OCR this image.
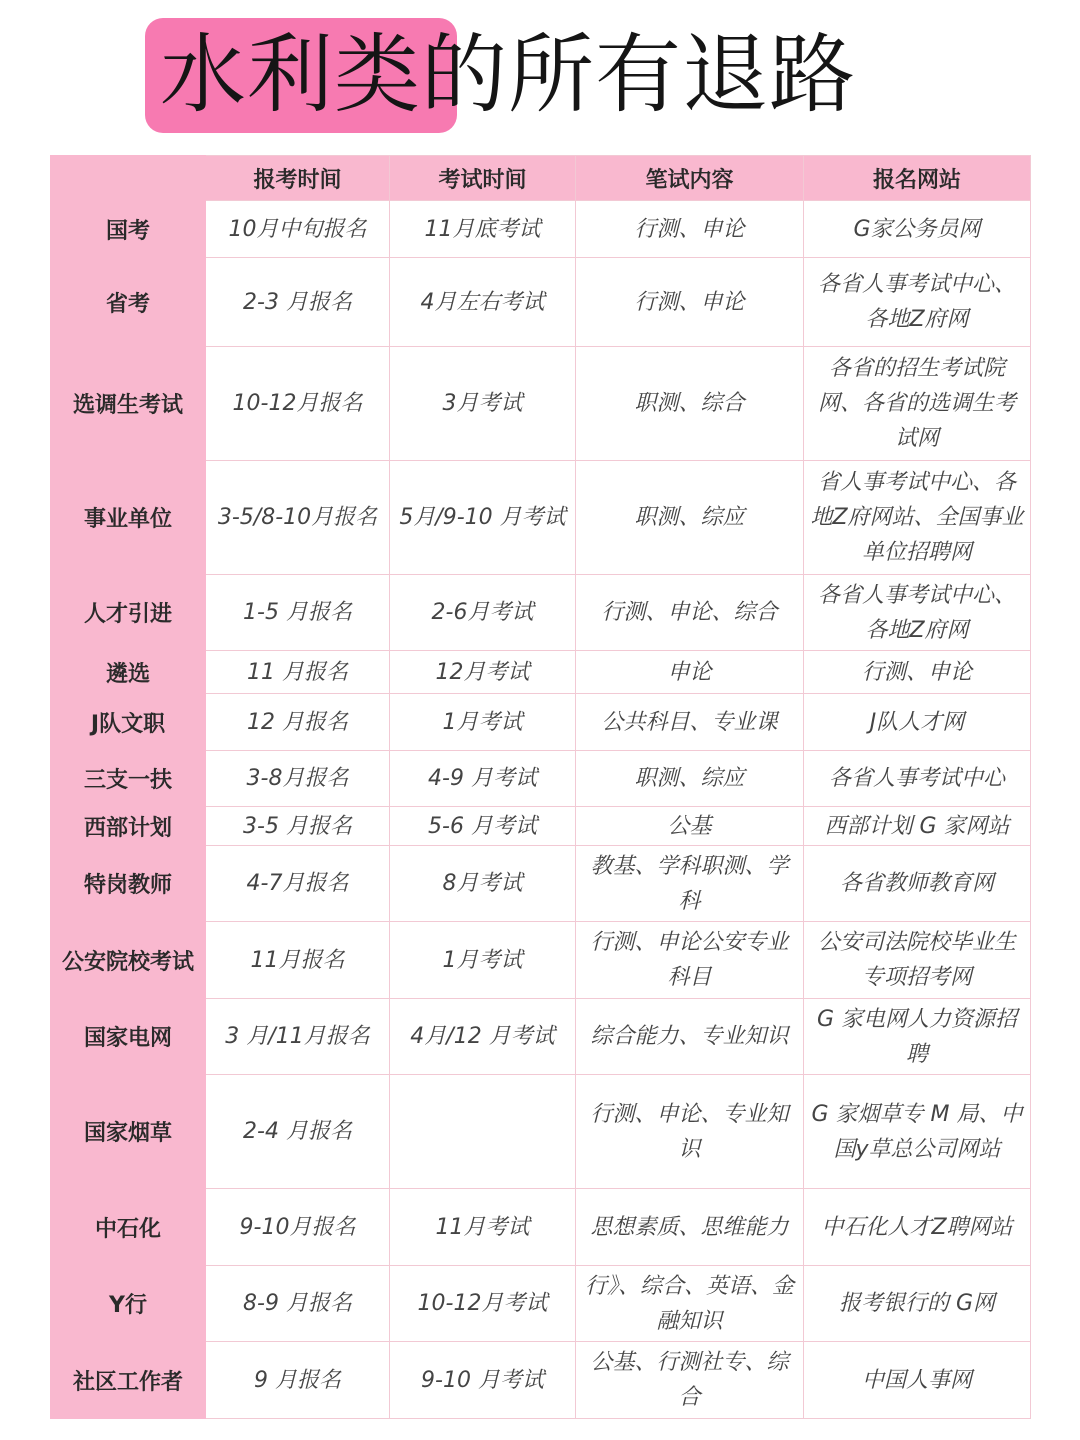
水利类的所有退路
	报考时间	考试时间	笔试内容	报名网站
国考	10月中旬报名	11月底考试	行测、申论	G家公务员网
省考	2-3 月报名	4月左右考试	行测、申论	各省人事考试中心、各地Z府网
选调生考试	10-12月报名	3月考试	职测、综合	各省的招生考试院网、各省的选调生考试网
事业单位	3-5/8-10月报名	5月/9-10 月考试	职测、综应	省人事考试中心、各地Z府网站、全国事业单位招聘网
人才引进	1-5 月报名	2-6月考试	行测、申论、综合	各省人事考试中心、各地Z府网
遴选	11 月报名	12月考试	申论	行测、申论
J队文职	12 月报名	1月考试	公共科目、专业课	J队人才网
三支一扶	3-8月报名	4-9 月考试	职测、综应	各省人事考试中心
西部计划	3-5 月报名	5-6 月考试	公基	西部计划 G 家网站
特岗教师	4-7月报名	8月考试	教基、学科职测、学科	各省教师教育网
公安院校考试	11月报名	1月考试	行测、申论公安专业科目	公安司法院校毕业生专项招考网
国家电网	3 月/11月报名	4月/12 月考试	综合能力、专业知识	G 家电网人力资源招聘
国家烟草	2-4 月报名		行测、申论、专业知识	G 家烟草专 M 局、中国y草总公司网站
中石化	9-10月报名	11月考试	思想素质、思维能力	中石化人才Z聘网站
Y行	8-9 月报名	10-12月考试	行》、综合、英语、金融知识	报考银行的 G网
社区工作者	9 月报名	9-10 月考试	公基、行测社专、综合	中国人事网
